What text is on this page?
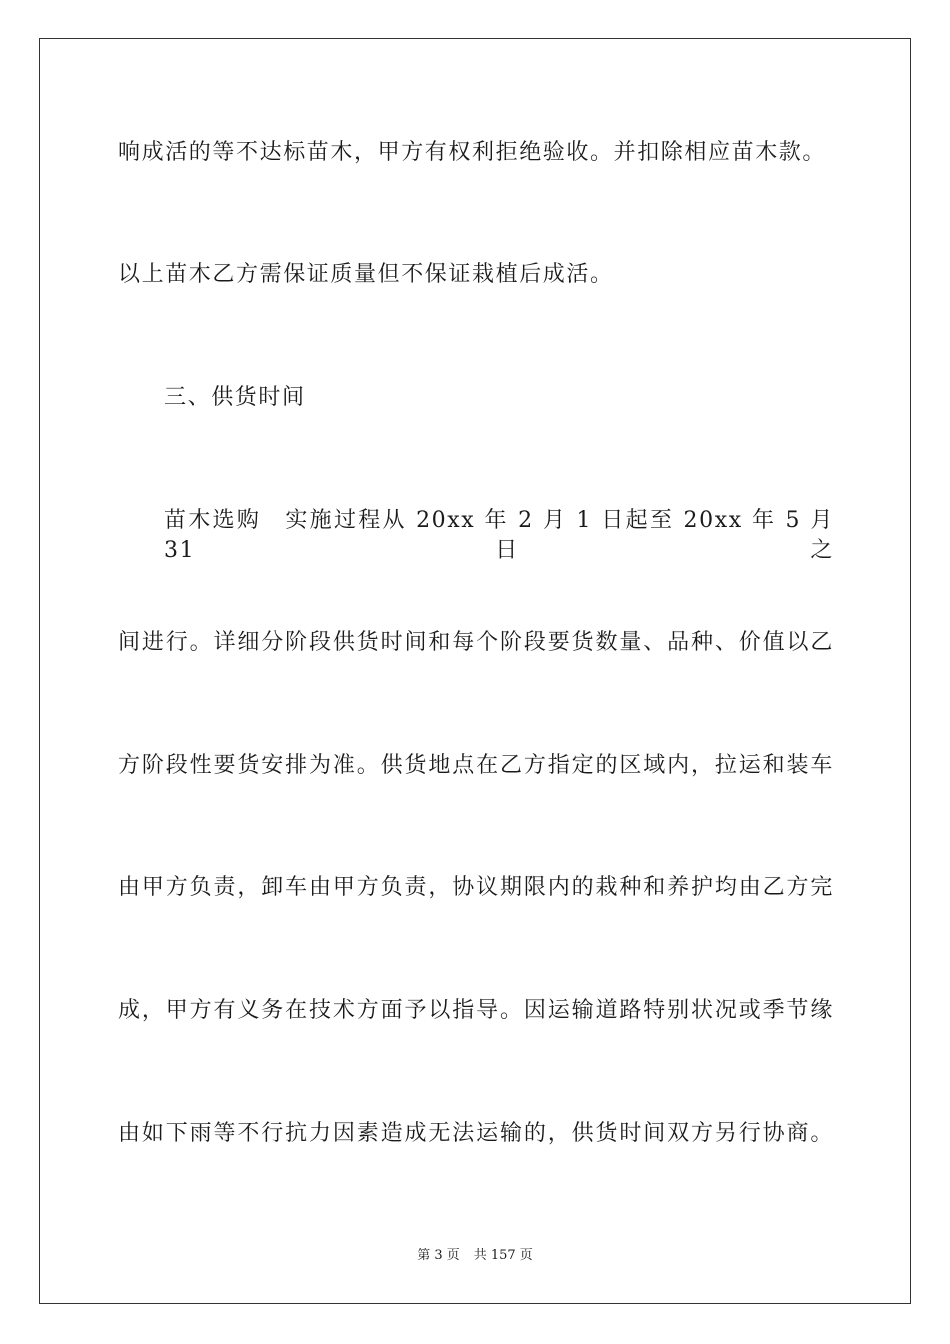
响成活的等不达标苗木，甲方有权利拒绝验收。并扣除相应苗木款。
以上苗木乙方需保证质量但不保证栽植后成活。
三、供货时间
苗木选购　实施过程从 20xx 年 2 月 1 日起至 20xx 年 5 月 31 日之
间进行。详细分阶段供货时间和每个阶段要货数量、品种、价值以乙
方阶段性要货安排为准。供货地点在乙方指定的区域内，拉运和装车
由甲方负责，卸车由甲方负责，协议期限内的栽种和养护均由乙方完
成，甲方有义务在技术方面予以指导。因运输道路特别状况或季节缘
由如下雨等不行抗力因素造成无法运输的，供货时间双方另行协商。
第 3 页 共 157 页
